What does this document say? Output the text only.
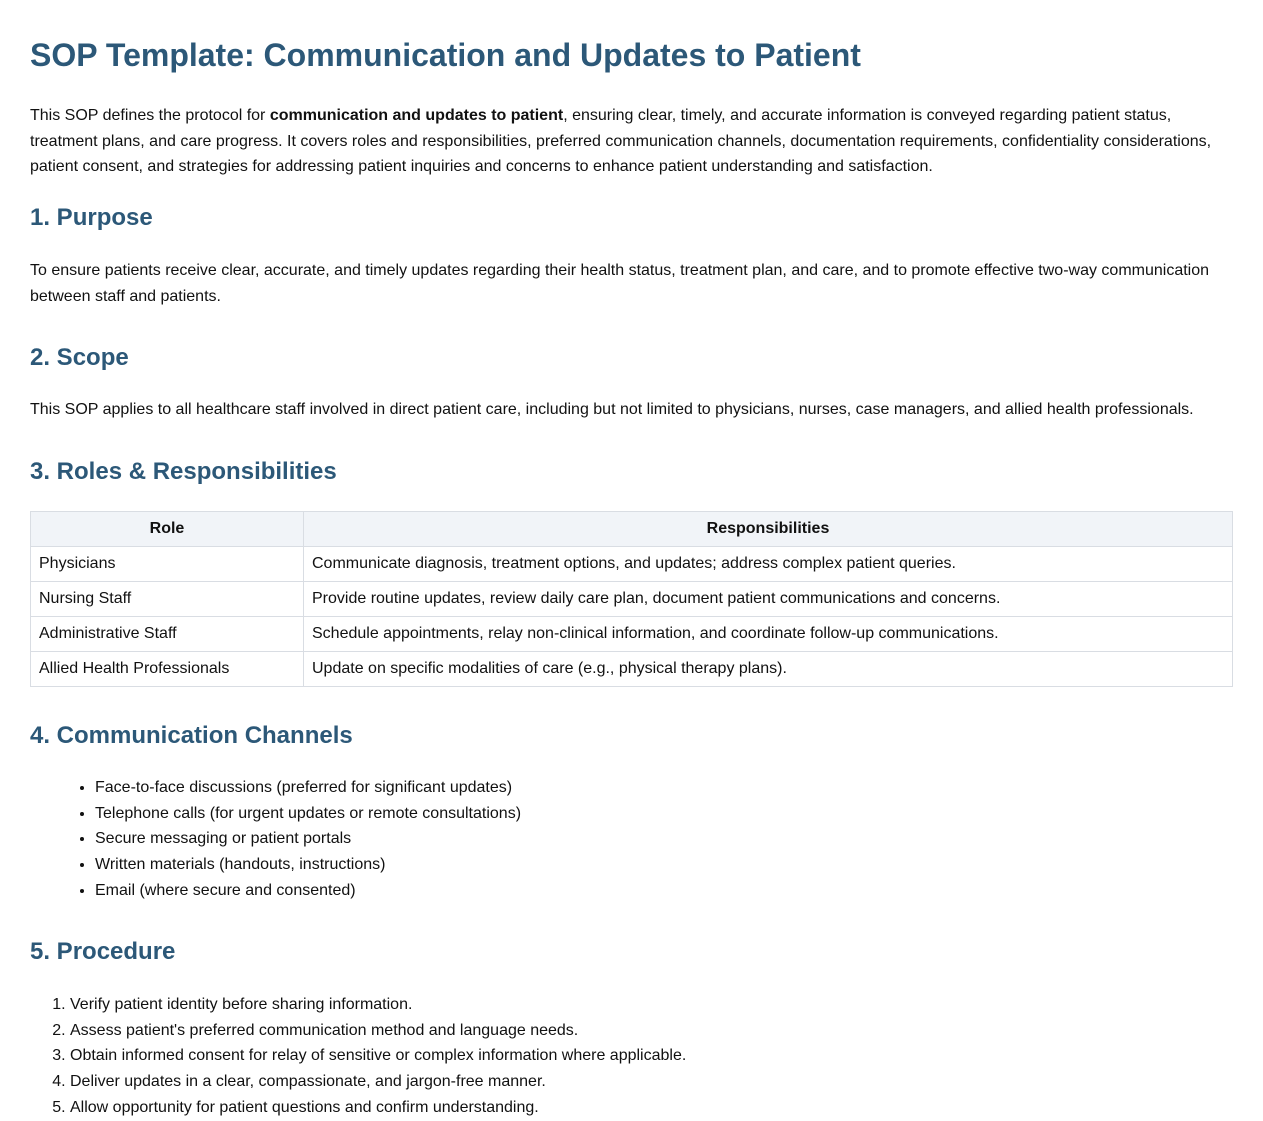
SOP Template: Communication and Updates to Patient

This SOP defines the protocol for communication and updates to patient, ensuring clear, timely, and accurate information is conveyed regarding patient status, treatment plans, and care progress. It covers roles and responsibilities, preferred communication channels, documentation requirements, confidentiality considerations, patient consent, and strategies for addressing patient inquiries and concerns to enhance patient understanding and satisfaction.

1. Purpose

To ensure patients receive clear, accurate, and timely updates regarding their health status, treatment plan, and care, and to promote effective two-way communication between staff and patients.

2. Scope

This SOP applies to all healthcare staff involved in direct patient care, including but not limited to physicians, nurses, case managers, and allied health professionals.

3. Roles & Responsibilities
Role	Responsibilities
Physicians	Communicate diagnosis, treatment options, and updates; address complex patient queries.
Nursing Staff	Provide routine updates, review daily care plan, document patient communications and concerns.
Administrative Staff	Schedule appointments, relay non-clinical information, and coordinate follow-up communications.
Allied Health Professionals	Update on specific modalities of care (e.g., physical therapy plans).
4. Communication Channels
• Face-to-face discussions (preferred for significant updates)
• Telephone calls (for urgent updates or remote consultations)
• Secure messaging or patient portals
• Written materials (handouts, instructions)
• Email (where secure and consented)
5. Procedure
1. Verify patient identity before sharing information.
2. Assess patient's preferred communication method and language needs.
3. Obtain informed consent for relay of sensitive or complex information where applicable.
4. Deliver updates in a clear, compassionate, and jargon-free manner.
5. Allow opportunity for patient questions and confirm understanding.
